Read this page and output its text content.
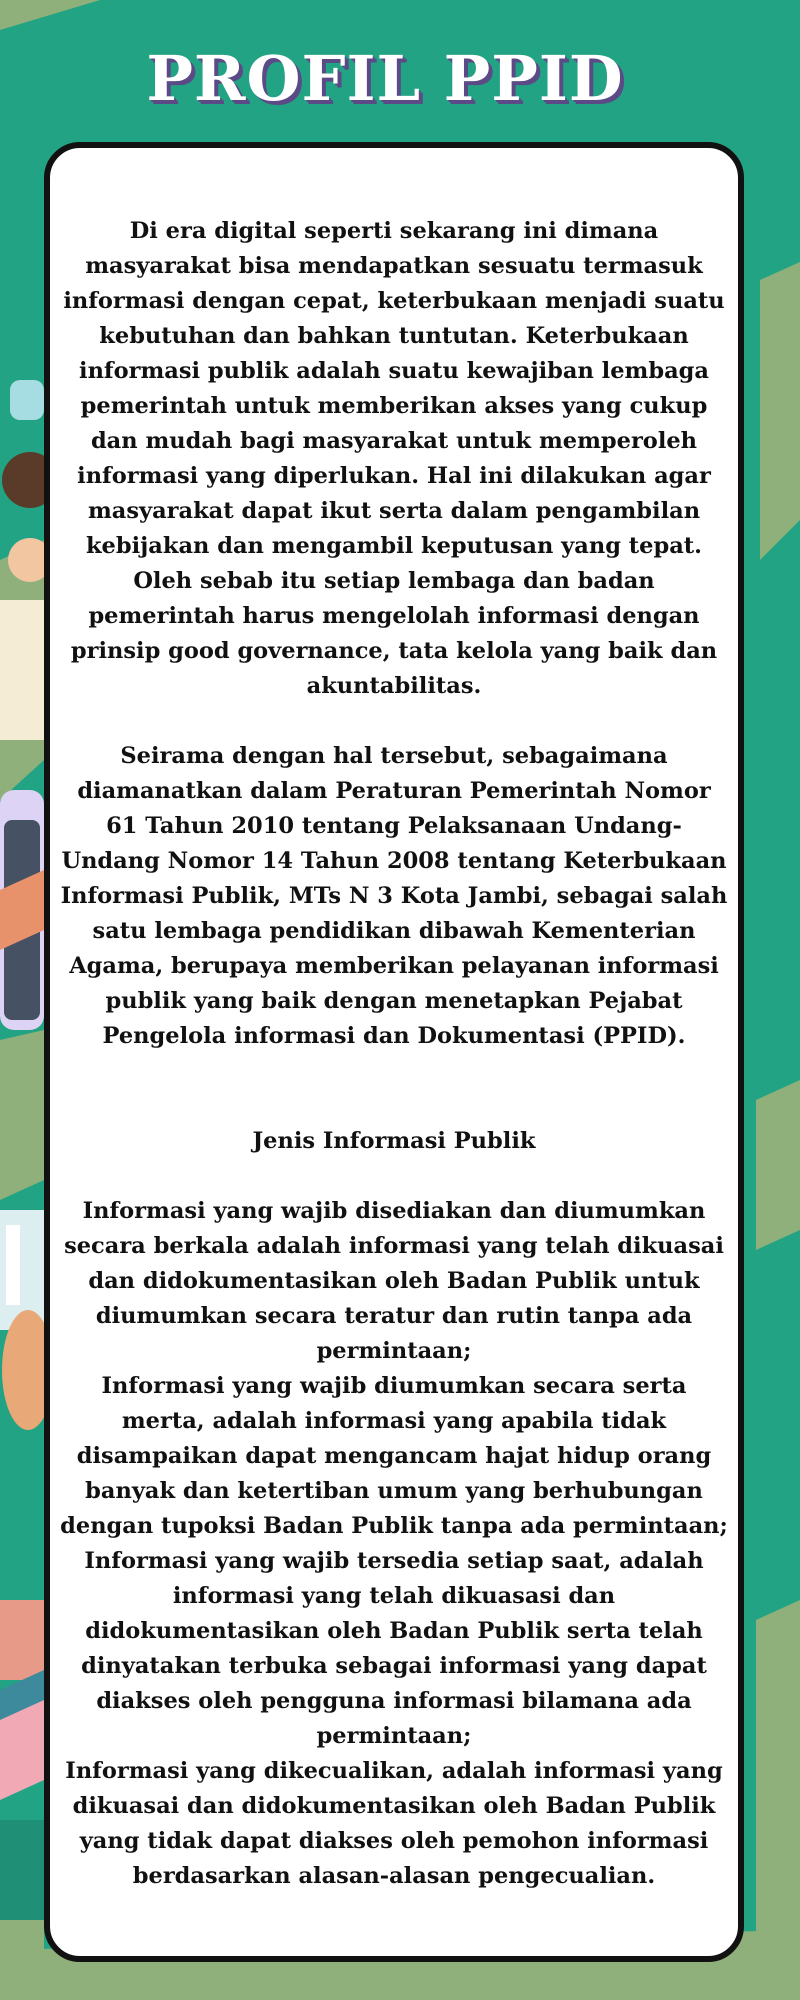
PROFIL PPID

Di era digital seperti sekarang ini dimana masyarakat bisa mendapatkan sesuatu termasuk informasi dengan cepat, keterbukaan menjadi suatu kebutuhan dan bahkan tuntutan. Keterbukaan informasi publik adalah suatu kewajiban lembaga pemerintah untuk memberikan akses yang cukup dan mudah bagi masyarakat untuk memperoleh informasi yang diperlukan. Hal ini dilakukan agar masyarakat dapat ikut serta dalam pengambilan kebijakan dan mengambil keputusan yang tepat. Oleh sebab itu setiap lembaga dan badan pemerintah harus mengelolah informasi dengan prinsip good governance, tata kelola yang baik dan akuntabilitas.

Seirama dengan hal tersebut, sebagaimana diamanatkan dalam Peraturan Pemerintah Nomor 61 Tahun 2010 tentang Pelaksanaan Undang-Undang Nomor 14 Tahun 2008 tentang Keterbukaan Informasi Publik, MTs N 3 Kota Jambi, sebagai salah satu lembaga pendidikan dibawah Kementerian Agama, berupaya memberikan pelayanan informasi publik yang baik dengan menetapkan Pejabat Pengelola informasi dan Dokumentasi (PPID).

Jenis Informasi Publik

Informasi yang wajib disediakan dan diumumkan secara berkala adalah informasi yang telah dikuasai dan didokumentasikan oleh Badan Publik untuk diumumkan secara teratur dan rutin tanpa ada permintaan;

Informasi yang wajib diumumkan secara serta merta, adalah informasi yang apabila tidak disampaikan dapat mengancam hajat hidup orang banyak dan ketertiban umum yang berhubungan dengan tupoksi Badan Publik tanpa ada permintaan;

Informasi yang wajib tersedia setiap saat, adalah informasi yang telah dikuasasi dan didokumentasikan oleh Badan Publik serta telah dinyatakan terbuka sebagai informasi yang dapat diakses oleh pengguna informasi bilamana ada permintaan;

Informasi yang dikecualikan, adalah informasi yang dikuasai dan didokumentasikan oleh Badan Publik yang tidak dapat diakses oleh pemohon informasi berdasarkan alasan-alasan pengecualian.
